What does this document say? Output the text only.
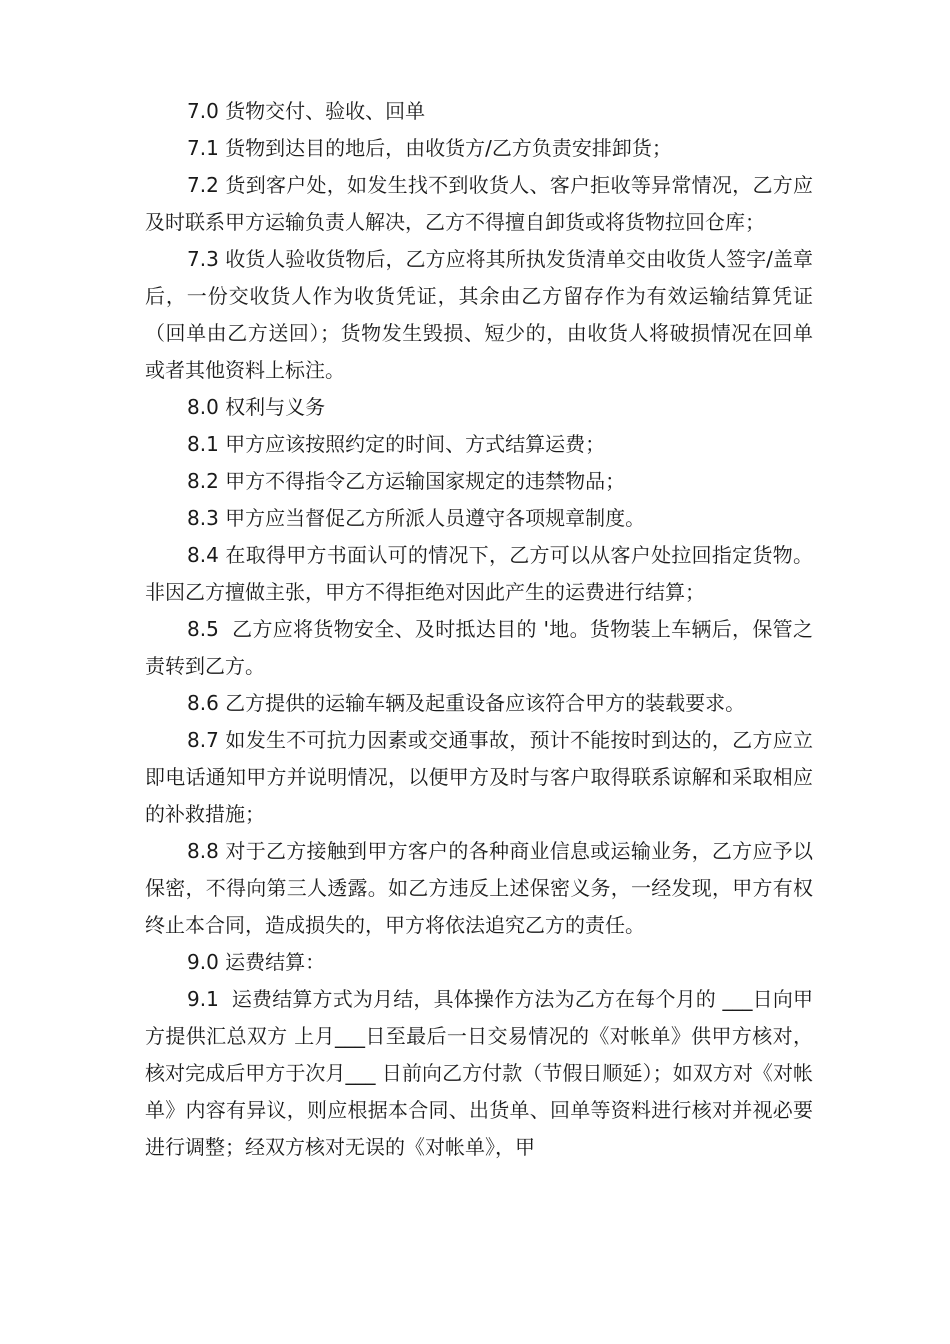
7.0 货物交付、验收、回单

7.1 货物到达目的地后，由收货方/乙方负责安排卸货；

7.2 货到客户处，如发生找不到收货人、客户拒收等异常情况，乙方应及时联系甲方运输负责人解决，乙方不得擅自卸货或将货物拉回仓库；

7.3 收货人验收货物后，乙方应将其所执发货清单交由收货人签字/盖章后，一份交收货人作为收货凭证，其余由乙方留存作为有效运输结算凭证（回单由乙方送回）；货物发生毁损、短少的，由收货人将破损情况在回单或者其他资料上标注。

8.0 权利与义务

8.1 甲方应该按照约定的时间、方式结算运费；

8.2 甲方不得指令乙方运输国家规定的违禁物品；

8.3 甲方应当督促乙方所派人员遵守各项规章制度。

8.4 在取得甲方书面认可的情况下，乙方可以从客户处拉回指定货物。非因乙方擅做主张，甲方不得拒绝对因此产生的运费进行结算；

8.5  乙方应将货物安全、及时抵达目的 '地。货物装上车辆后，保管之责转到乙方。

8.6 乙方提供的运输车辆及起重设备应该符合甲方的装载要求。

8.7 如发生不可抗力因素或交通事故，预计不能按时到达的，乙方应立即电话通知甲方并说明情况，以便甲方及时与客户取得联系谅解和采取相应的补救措施；

8.8 对于乙方接触到甲方客户的各种商业信息或运输业务，乙方应予以保密，不得向第三人透露。如乙方违反上述保密义务，一经发现，甲方有权终止本合同，造成损失的，甲方将依法追究乙方的责任。

9.0 运费结算：

9.1  运费结算方式为月结，具体操作方法为乙方在每个月的 ___日向甲方提供汇总双方 上月___日至最后一日交易情况的《对帐单》供甲方核对，核对完成后甲方于次月___ 日前向乙方付款（节假日顺延）；如双方对《对帐单》内容有异议，则应根据本合同、出货单、回单等资料进行核对并视必要进行调整；经双方核对无误的《对帐单》，甲
